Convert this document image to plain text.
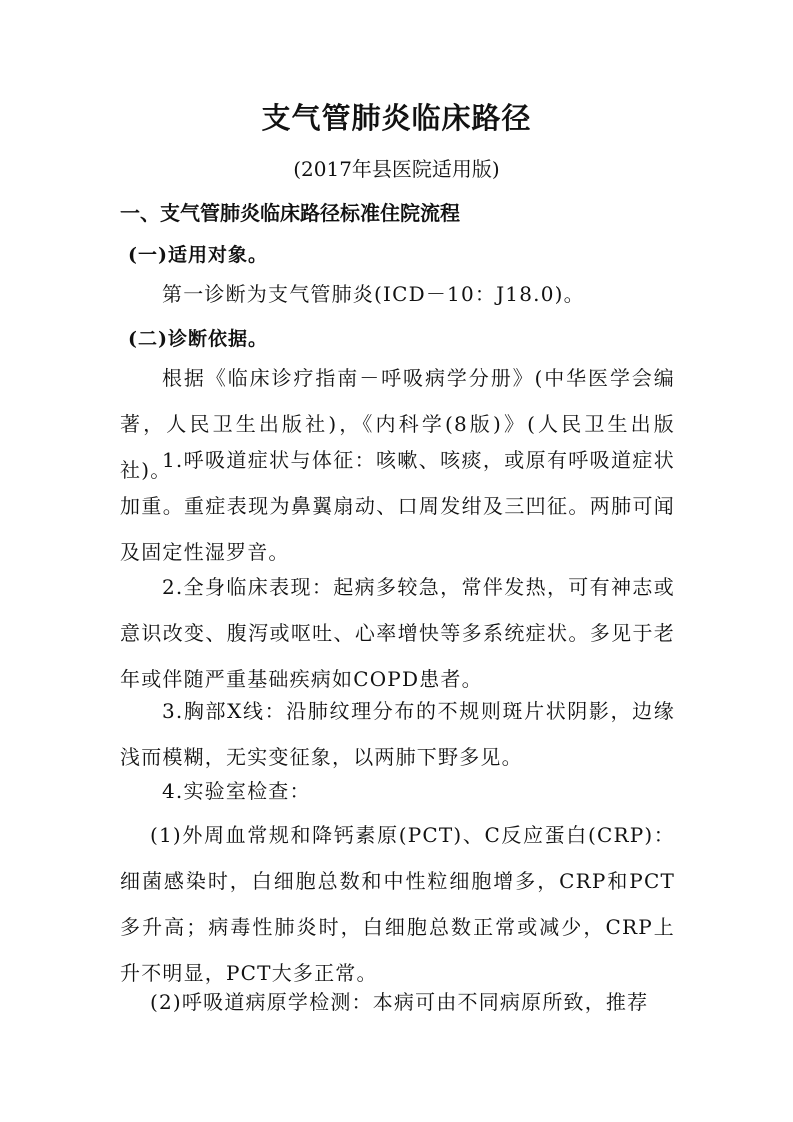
支气管肺炎临床路径
(2017年县医院适用版)
一、支气管肺炎临床路径标准住院流程
(一)适用对象。

第一诊断为支气管肺炎(ICD－10：J18.0)。

(二)诊断依据。

根据《临床诊疗指南－呼吸病学分册》(中华医学会编著，人民卫生出版社)，《内科学(8版)》(人民卫生出版社)。

1.呼吸道症状与体征：咳嗽、咳痰，或原有呼吸道症状加重。重症表现为鼻翼扇动、口周发绀及三凹征。两肺可闻及固定性湿罗音。

2.全身临床表现：起病多较急，常伴发热，可有神志或意识改变、腹泻或呕吐、心率增快等多系统症状。多见于老年或伴随严重基础疾病如COPD患者。

3.胸部X线：沿肺纹理分布的不规则斑片状阴影，边缘浅而模糊，无实变征象，以两肺下野多见。

4.实验室检查：

(1)外周血常规和降钙素原(PCT)、C反应蛋白(CRP)：细菌感染时，白细胞总数和中性粒细胞增多，CRP和PCT多升高；病毒性肺炎时，白细胞总数正常或减少，CRP上升不明显，PCT大多正常。

(2)呼吸道病原学检测：本病可由不同病原所致，推荐
